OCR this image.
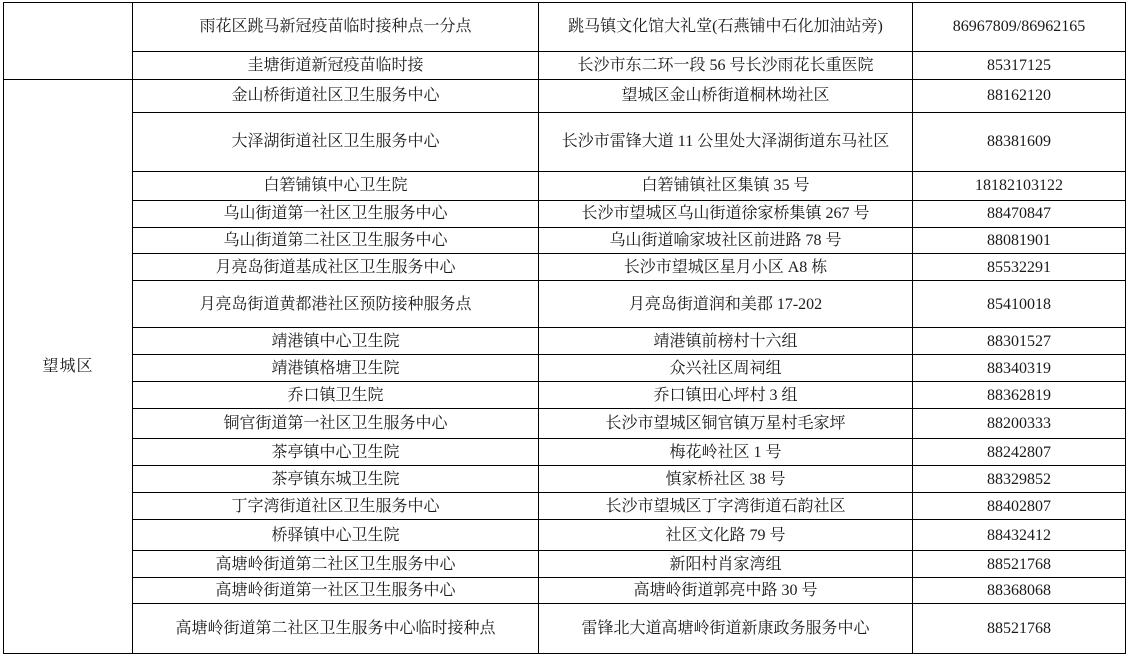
	雨花区跳马新冠疫苗临时接种点一分点	跳马镇文化馆大礼堂(石燕铺中石化加油站旁)	86967809/86962165
	圭塘街道新冠疫苗临时接	长沙市东二环一段 56 号长沙雨花长重医院	85317125
望城区	金山桥街道社区卫生服务中心	望城区金山桥街道桐林坳社区	88162120
	大泽湖街道社区卫生服务中心	长沙市雷锋大道 11 公里处大泽湖街道东马社区	88381609
	白箬铺镇中心卫生院	白箬铺镇社区集镇 35 号	18182103122
	乌山街道第一社区卫生服务中心	长沙市望城区乌山街道徐家桥集镇 267 号	88470847
	乌山街道第二社区卫生服务中心	乌山街道喻家坡社区前进路 78 号	88081901
	月亮岛街道基成社区卫生服务中心	长沙市望城区星月小区 A8 栋	85532291
	月亮岛街道黄都港社区预防接种服务点	月亮岛街道润和美郡 17-202	85410018
	靖港镇中心卫生院	靖港镇前榜村十六组	88301527
	靖港镇格塘卫生院	众兴社区周祠组	88340319
	乔口镇卫生院	乔口镇田心坪村 3 组	88362819
	铜官街道第一社区卫生服务中心	长沙市望城区铜官镇万星村毛家坪	88200333
	茶亭镇中心卫生院	梅花岭社区 1 号	88242807
	茶亭镇东城卫生院	慎家桥社区 38 号	88329852
	丁字湾街道社区卫生服务中心	长沙市望城区丁字湾街道石韵社区	88402807
	桥驿镇中心卫生院	社区文化路 79 号	88432412
	高塘岭街道第二社区卫生服务中心	新阳村肖家湾组	88521768
	高塘岭街道第一社区卫生服务中心	高塘岭街道郭亮中路 30 号	88368068
	高塘岭街道第二社区卫生服务中心临时接种点	雷锋北大道高塘岭街道新康政务服务中心	88521768
